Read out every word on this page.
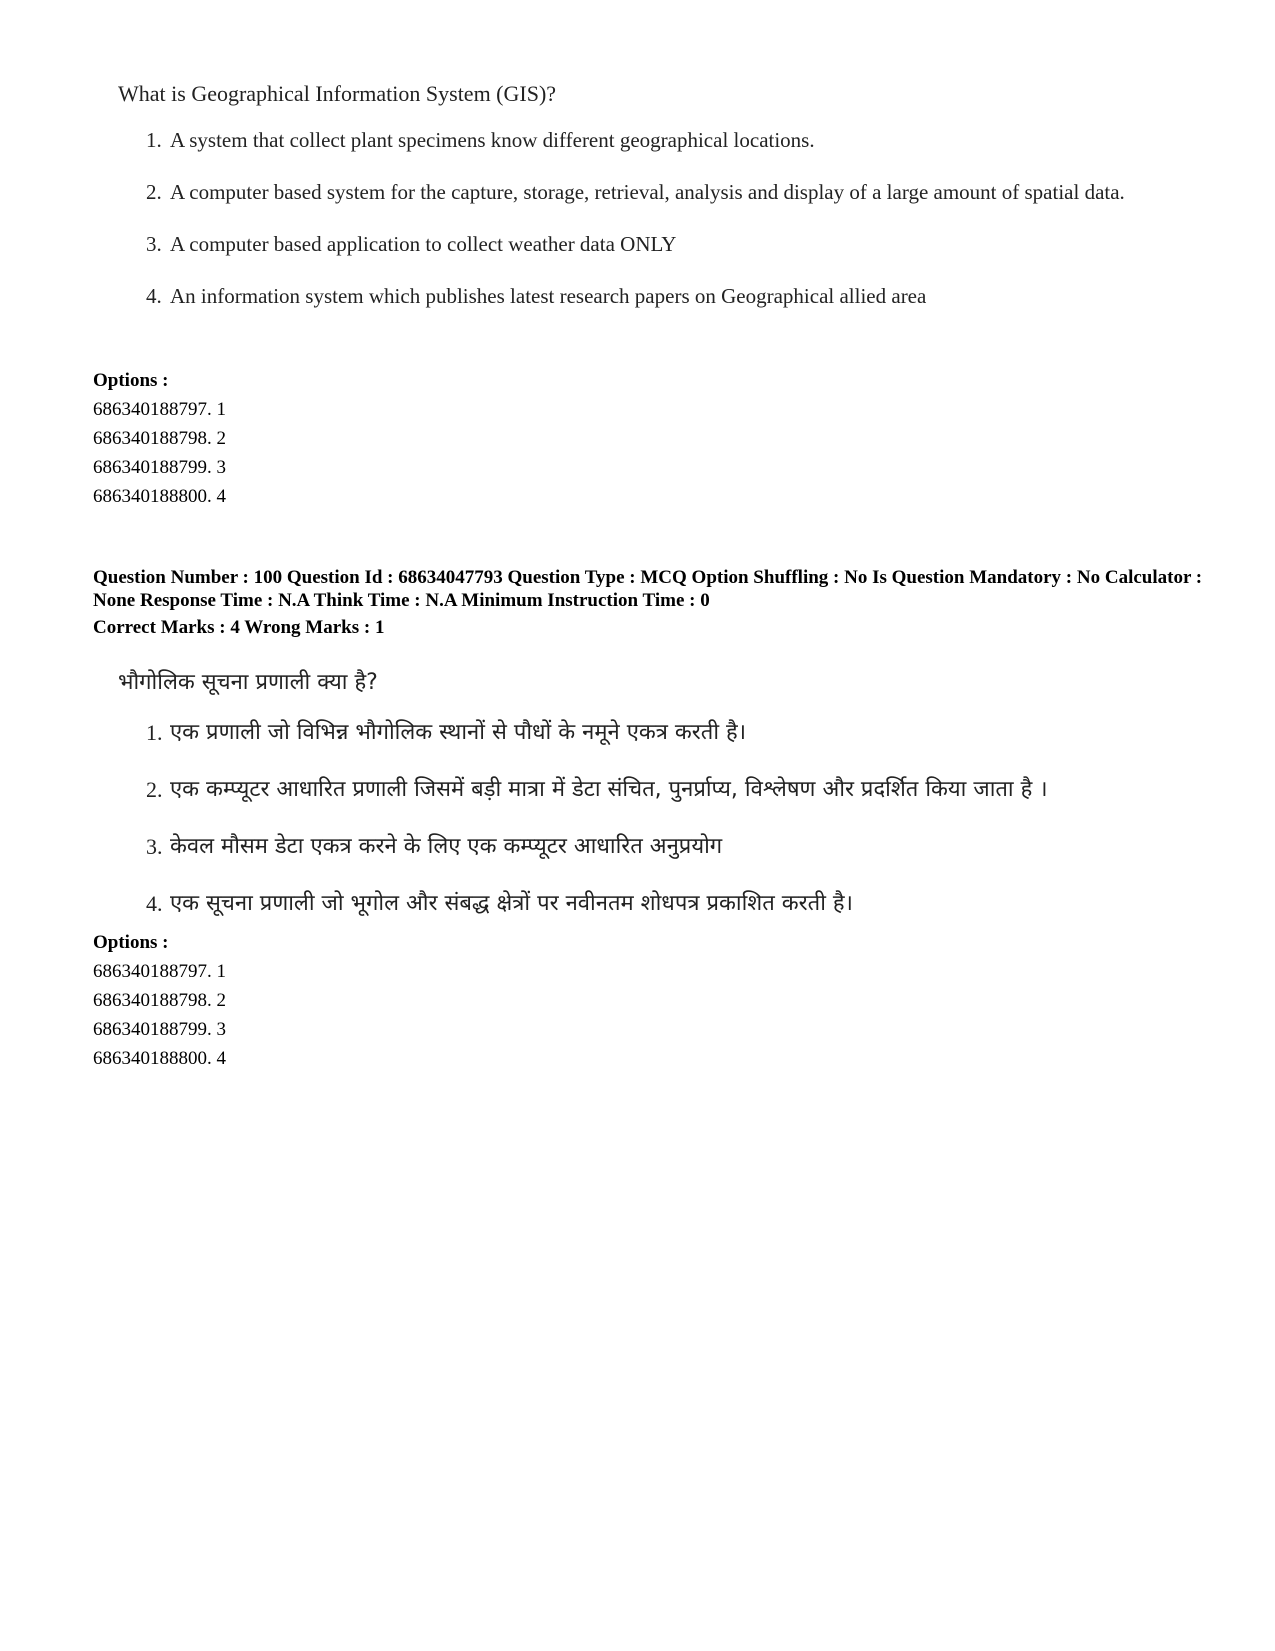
What is Geographical Information System (GIS)?

1. A system that collect plant specimens know different geographical locations.
2. A computer based system for the capture, storage, retrieval, analysis and display of a large amount of spatial data.
3. A computer based application to collect weather data ONLY
4. An information system which publishes latest research papers on Geographical allied area
Options :
686340188797. 1
686340188798. 2
686340188799. 3
686340188800. 4
Question Number : 100 Question Id : 68634047793 Question Type : MCQ Option Shuffling : No Is Question Mandatory : No Calculator : None Response Time : N.A Think Time : N.A Minimum Instruction Time : 0
Correct Marks : 4 Wrong Marks : 1

भौगोलिक सूचना प्रणाली क्या है?

1. एक प्रणाली जो विभिन्न भौगोलिक स्थानों से पौधों के नमूने एकत्र करती है।
2. एक कम्प्यूटर आधारित प्रणाली जिसमें बड़ी मात्रा में डेटा संचित, पुनर्प्राप्य, विश्लेषण और प्रदर्शित किया जाता है ।
3. केवल मौसम डेटा एकत्र करने के लिए एक कम्प्यूटर आधारित अनुप्रयोग
4. एक सूचना प्रणाली जो भूगोल और संबद्ध क्षेत्रों पर नवीनतम शोधपत्र प्रकाशित करती है।
Options :
686340188797. 1
686340188798. 2
686340188799. 3
686340188800. 4
